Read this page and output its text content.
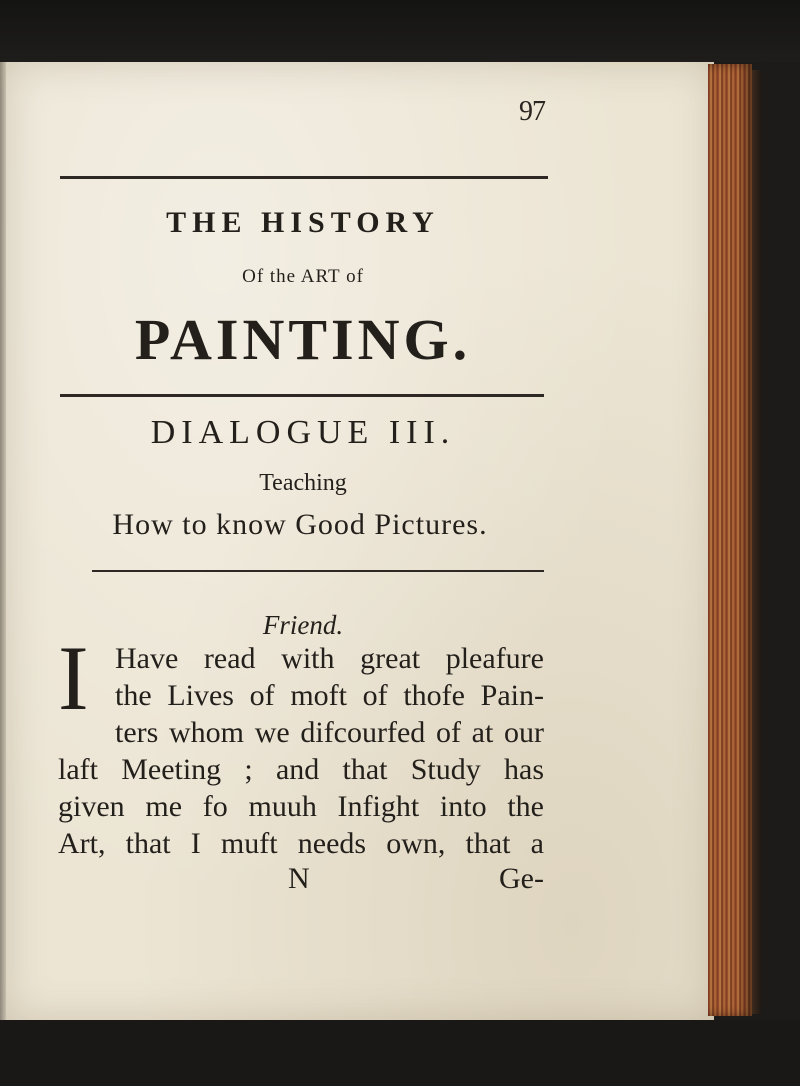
97
THE HISTORY
Of the ART of
PAINTING.
DIALOGUE III.
Teaching
How to know Good Pictures.
Friend.
I Have read with great pleafure
the Lives of moft of thofe Pain-
ters whom we difcourfed of at our
laft Meeting ; and that Study has
given me fo muuh Infight into the
Art, that I muft needs own, that a
N	Ge-
